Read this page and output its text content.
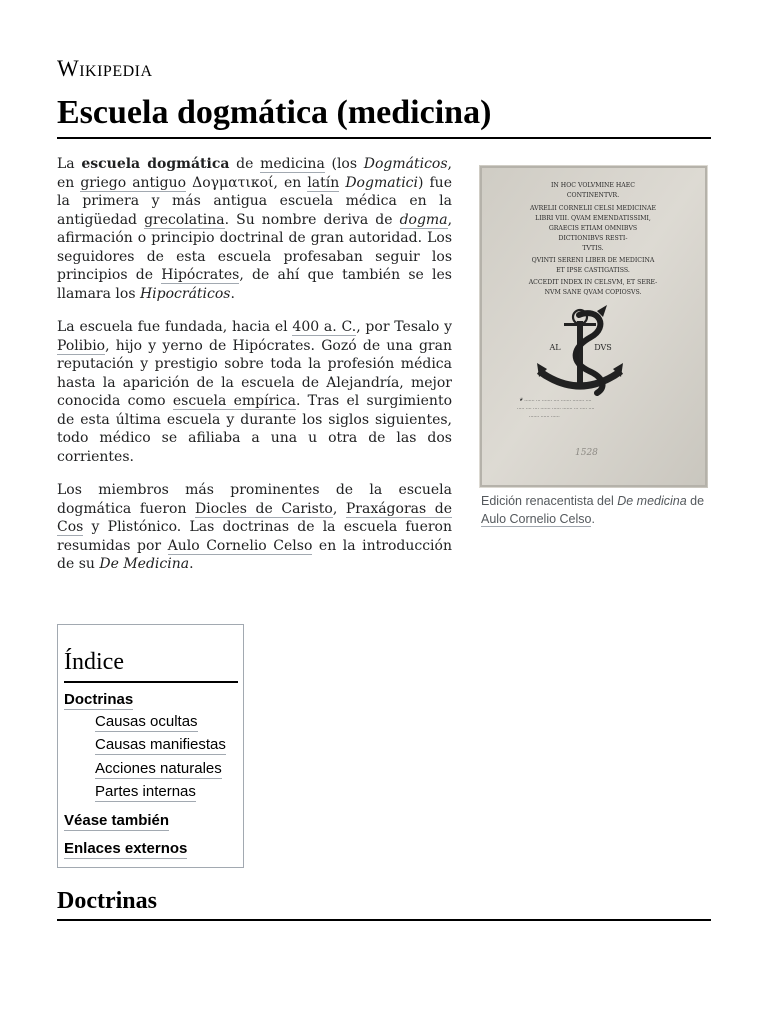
Wikipedia
Escuela dogmática (medicina)

La escuela dogmática de medicina (los Dogmáticos, en griego antiguo Δογματικοί, en latín Dogmatici) fue la primera y más antigua escuela médica en la antigüedad grecolatina. Su nombre deriva de dogma, afirmación o principio doctrinal de gran autoridad. Los seguidores de esta escuela profesaban seguir los principios de Hipócrates, de ahí que también se les llamara los Hipocráticos.

La escuela fue fundada, hacia el 400 a. C., por Tesalo y Polibio, hijo y yerno de Hipócrates. Gozó de una gran reputación y prestigio sobre toda la profesión médica hasta la aparición de la escuela de Alejandría, mejor conocida como escuela empírica. Tras el surgimiento de esta última escuela y durante los siglos siguientes, todo médico se afiliaba a una u otra de las dos corrientes.

Los miembros más prominentes de la escuela dogmática fueron Diocles de Caristo, Praxágoras de Cos y Plistónico. Las doctrinas de la escuela fueron resumidas por Aulo Cornelio Celso en la introducción de su De Medicina.

IN HOC VOLVMINE HAEC
CONTINENTVR.
AVRELII CORNELII CELSI MEDICINAE
LIBRI VIII. QVAM EMENDATISSIMI,
GRAECIS ETIAM OMNIBVS
DICTIONIBVS RESTI-
TVTIS.
QVINTI SERENI LIBER DE MEDICINA
ET IPSE CASTIGATISS.
ACCEDIT INDEX IN CELSVM, ET SERE-
NVM SANE QVAM COPIOSVS.
AL	DVS
❦ ....... ... ....... .... ....... ........ ....
..... .... .... ....... ...... ....... ... ..... ....
....... ...... ......
1528
Edición renacentista del De medicina de Aulo Cornelio Celso.
Índice
Doctrinas
Causas ocultas
Causas manifiestas
Acciones naturales
Partes internas
Véase también
Enlaces externos
Doctrinas
